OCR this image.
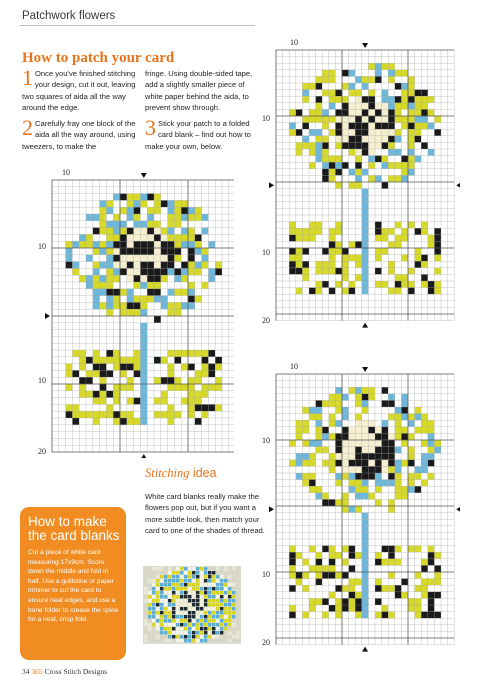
Patchwork flowers
How to patch your card
1 Once you've finished stitching your design, cut it out, leaving two squares of aida all the way around the edge.
2 Carefully fray one block of the aida all the way around, using tweezers, to make the
fringe. Using double-sided tape, add a slightly smaller piece of white paper behind the aida, to prevent show through.
3 Stick your patch to a folded card blank – find out how to make your own, below.
10
10
10
20
10
10
10
20
10
10
10
20
Stitching idea
White card blanks really make the flowers pop out, but if you want a more subtle look, then match your card to one of the shades of thread.
How to make the card blanks
Cut a piece of white card measuring 17x9cm. Score down the middle and fold in half. Use a guillotine or paper trimmer to cut the card to ensure neat edges, and use a bone folder to crease the spine for a neat, crisp fold.
34 365 Cross Stitch Designs
